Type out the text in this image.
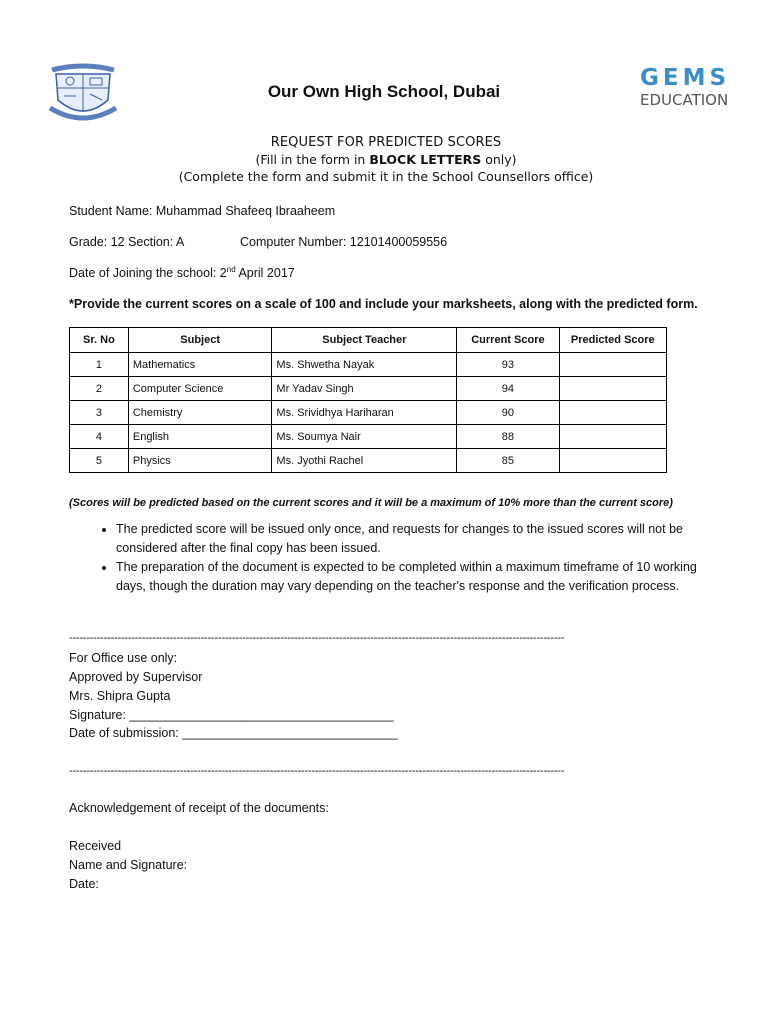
Our Own High School, Dubai
GEMS
EDUCATION
REQUEST FOR PREDICTED SCORES
(Fill in the form in BLOCK LETTERS only)
(Complete the form and submit it in the School Counsellors office)
Student Name: Muhammad Shafeeq Ibraaheem
Grade: 12 Section: A	Computer Number: 12101400059556
Date of Joining the school: 2nd April 2017
*Provide the current scores on a scale of 100 and include your marksheets, along with the predicted form.
Sr. No	Subject	Subject Teacher	Current Score	Predicted Score
1	Mathematics	Ms. Shwetha Nayak	93	
2	Computer Science	Mr Yadav Singh	94	
3	Chemistry	Ms. Srividhya Hariharan	90	
4	English	Ms. Soumya Nair	88	
5	Physics	Ms. Jyothi Rachel	85	
(Scores will be predicted based on the current scores and it will be a maximum of 10% more than the current score)
• The predicted score will be issued only once, and requests for changes to the issued scores will not be considered after the final copy has been issued.
• The preparation of the document is expected to be completed within a maximum timeframe of 10 working days, though the duration may vary depending on the teacher's response and the verification process.
-----------------------------------------------------------------------------------------------------------------------------------------------
For Office use only:
Approved by Supervisor
Mrs. Shipra Gupta
Signature: ______________________________________
Date of submission: _______________________________
-----------------------------------------------------------------------------------------------------------------------------------------------
Acknowledgement of receipt of the documents:
Received
Name and Signature:
Date:
